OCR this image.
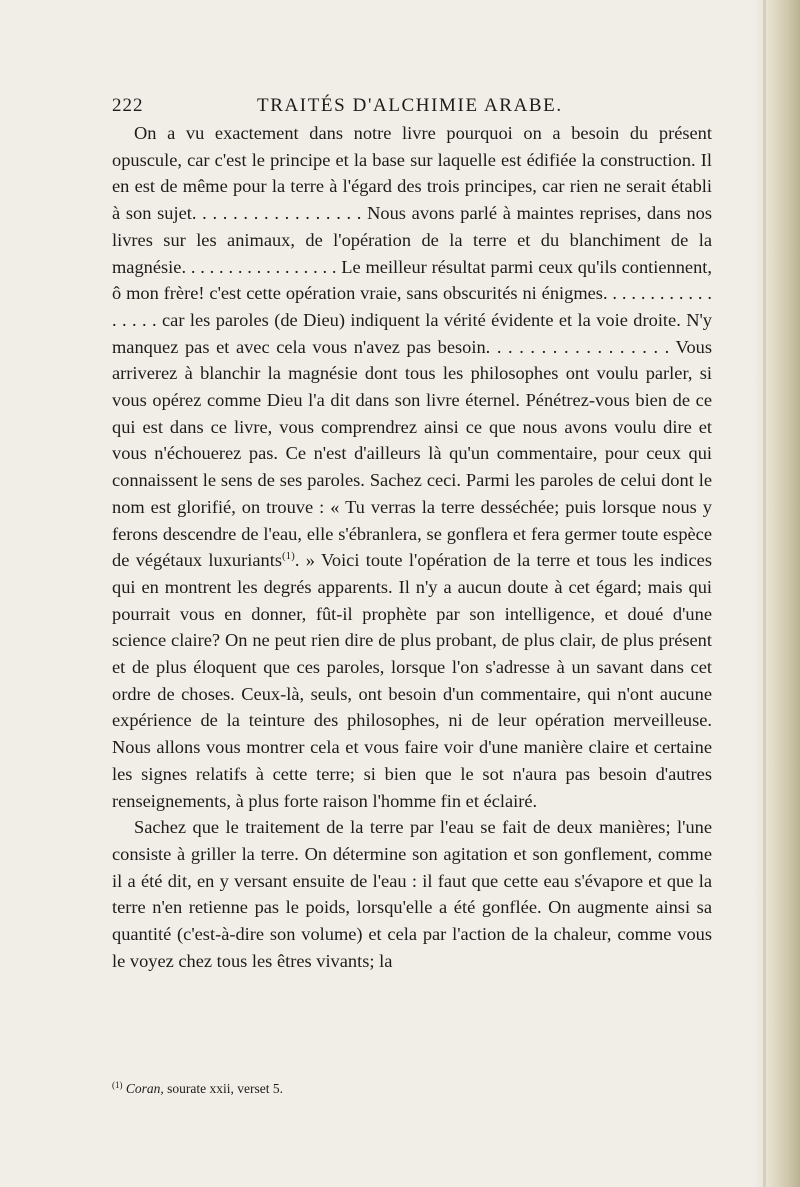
222	TRAITÉS D'ALCHIMIE ARABE.

On a vu exactement dans notre livre pourquoi on a besoin du présent opuscule, car c'est le principe et la base sur laquelle est édifiée la construction. Il en est de même pour la terre à l'égard des trois principes, car rien ne serait établi à son sujet. . . . . . . . . . . . . . . . . Nous avons parlé à maintes reprises, dans nos livres sur les animaux, de l'opération de la terre et du blanchiment de la magnésie. . . . . . . . . . . . . . . . . Le meilleur résultat parmi ceux qu'ils contiennent, ô mon frère! c'est cette opération vraie, sans obscurités ni énigmes. . . . . . . . . . . . . . . . . car les paroles (de Dieu) indiquent la vérité évidente et la voie droite. N'y manquez pas et avec cela vous n'avez pas besoin. . . . . . . . . . . . . . . . . Vous arriverez à blanchir la magnésie dont tous les philosophes ont voulu parler, si vous opérez comme Dieu l'a dit dans son livre éternel. Pénétrez-vous bien de ce qui est dans ce livre, vous comprendrez ainsi ce que nous avons voulu dire et vous n'échouerez pas. Ce n'est d'ailleurs là qu'un commentaire, pour ceux qui connaissent le sens de ses paroles. Sachez ceci. Parmi les paroles de celui dont le nom est glorifié, on trouve : « Tu verras la terre desséchée; puis lorsque nous y ferons descendre de l'eau, elle s'ébranlera, se gonflera et fera germer toute espèce de végétaux luxuriants$^{(1)}$. » Voici toute l'opération de la terre et tous les indices qui en montrent les degrés apparents. Il n'y a aucun doute à cet égard; mais qui pourrait vous en donner, fût-il prophète par son intelligence, et doué d'une science claire? On ne peut rien dire de plus probant, de plus clair, de plus présent et de plus éloquent que ces paroles, lorsque l'on s'adresse à un savant dans cet ordre de choses. Ceux-là, seuls, ont besoin d'un commentaire, qui n'ont aucune expérience de la teinture des philosophes, ni de leur opération merveilleuse. Nous allons vous montrer cela et vous faire voir d'une manière claire et certaine les signes relatifs à cette terre; si bien que le sot n'aura pas besoin d'autres renseignements, à plus forte raison l'homme fin et éclairé.

Sachez que le traitement de la terre par l'eau se fait de deux manières; l'une consiste à griller la terre. On détermine son agitation et son gonflement, comme il a été dit, en y versant ensuite de l'eau : il faut que cette eau s'évapore et que la terre n'en retienne pas le poids, lorsqu'elle a été gonflée. On augmente ainsi sa quantité (c'est-à-dire son volume) et cela par l'action de la chaleur, comme vous le voyez chez tous les êtres vivants; la

$^{(1)}$ Coran, sourate xxii, verset 5.
